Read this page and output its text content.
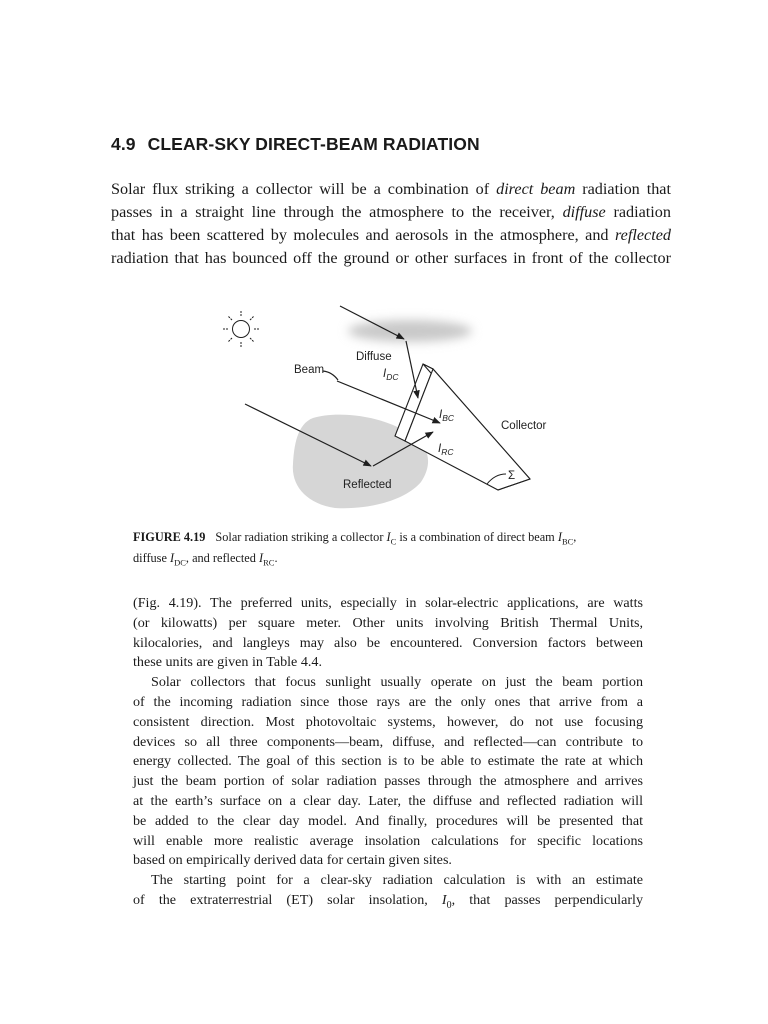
4.9 CLEAR-SKY DIRECT-BEAM RADIATION
Solar flux striking a collector will be a combination of direct beam radiation that
passes in a straight line through the atmosphere to the receiver, diffuse radiation
that has been scattered by molecules and aerosols in the atmosphere, and reflected
radiation that has bounced off the ground or other surfaces in front of the collector
Diffuse
$I_{DC}$
Beam
$I_{BC}$
Collector
$I_{RC}$
Reflected
Σ
FIGURE 4.19 Solar radiation striking a collector $I_C$ is a combination of direct beam $I_{BC}$,
diffuse $I_{DC}$, and reflected $I_{RC}$.
(Fig. 4.19). The preferred units, especially in solar-electric applications, are watts
(or kilowatts) per square meter. Other units involving British Thermal Units,
kilocalories, and langleys may also be encountered. Conversion factors between
these units are given in Table 4.4.
Solar collectors that focus sunlight usually operate on just the beam portion
of the incoming radiation since those rays are the only ones that arrive from a
consistent direction. Most photovoltaic systems, however, do not use focusing
devices so all three components—beam, diffuse, and reflected—can contribute to
energy collected. The goal of this section is to be able to estimate the rate at which
just the beam portion of solar radiation passes through the atmosphere and arrives
at the earth’s surface on a clear day. Later, the diffuse and reflected radiation will
be added to the clear day model. And finally, procedures will be presented that
will enable more realistic average insolation calculations for specific locations
based on empirically derived data for certain given sites.
The starting point for a clear-sky radiation calculation is with an estimate
of the extraterrestrial (ET) solar insolation, $I_0$, that passes perpendicularly
